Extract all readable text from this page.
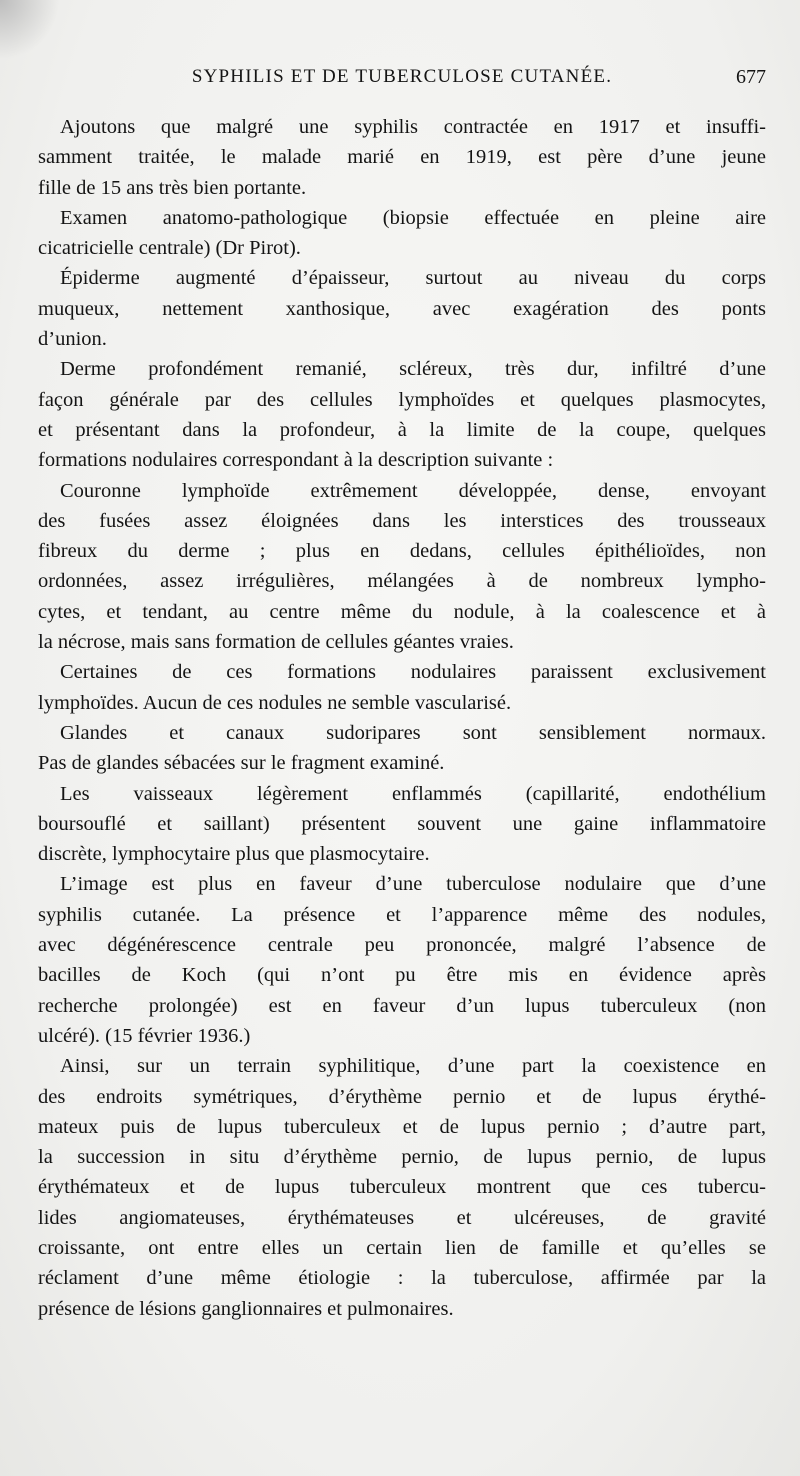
SYPHILIS ET DE TUBERCULOSE CUTANÉE.	677
Ajoutons que malgré une syphilis contractée en 1917 et insuffi-
samment traitée, le malade marié en 1919, est père d’une jeune
fille de 15 ans très bien portante.
Examen anatomo-pathologique (biopsie effectuée en pleine aire
cicatricielle centrale) (Dr Pirot).
Épiderme augmenté d’épaisseur, surtout au niveau du corps
muqueux, nettement xanthosique, avec exagération des ponts
d’union.
Derme profondément remanié, scléreux, très dur, infiltré d’une
façon générale par des cellules lymphoïdes et quelques plasmocytes,
et présentant dans la profondeur, à la limite de la coupe, quelques
formations nodulaires correspondant à la description suivante :
Couronne lymphoïde extrêmement développée, dense, envoyant
des fusées assez éloignées dans les interstices des trousseaux
fibreux du derme ; plus en dedans, cellules épithélioïdes, non
ordonnées, assez irrégulières, mélangées à de nombreux lympho-
cytes, et tendant, au centre même du nodule, à la coalescence et à
la nécrose, mais sans formation de cellules géantes vraies.
Certaines de ces formations nodulaires paraissent exclusivement
lymphoïdes. Aucun de ces nodules ne semble vascularisé.
Glandes et canaux sudoripares sont sensiblement normaux.
Pas de glandes sébacées sur le fragment examiné.
Les vaisseaux légèrement enflammés (capillarité, endothélium
boursouflé et saillant) présentent souvent une gaine inflammatoire
discrète, lymphocytaire plus que plasmocytaire.
L’image est plus en faveur d’une tuberculose nodulaire que d’une
syphilis cutanée. La présence et l’apparence même des nodules,
avec dégénérescence centrale peu prononcée, malgré l’absence de
bacilles de Koch (qui n’ont pu être mis en évidence après
recherche prolongée) est en faveur d’un lupus tuberculeux (non
ulcéré). (15 février 1936.)
Ainsi, sur un terrain syphilitique, d’une part la coexistence en
des endroits symétriques, d’érythème pernio et de lupus érythé-
mateux puis de lupus tuberculeux et de lupus pernio ; d’autre part,
la succession in situ d’érythème pernio, de lupus pernio, de lupus
érythémateux et de lupus tuberculeux montrent que ces tubercu-
lides angiomateuses, érythémateuses et ulcéreuses, de gravité
croissante, ont entre elles un certain lien de famille et qu’elles se
réclament d’une même étiologie : la tuberculose, affirmée par la
présence de lésions ganglionnaires et pulmonaires.
